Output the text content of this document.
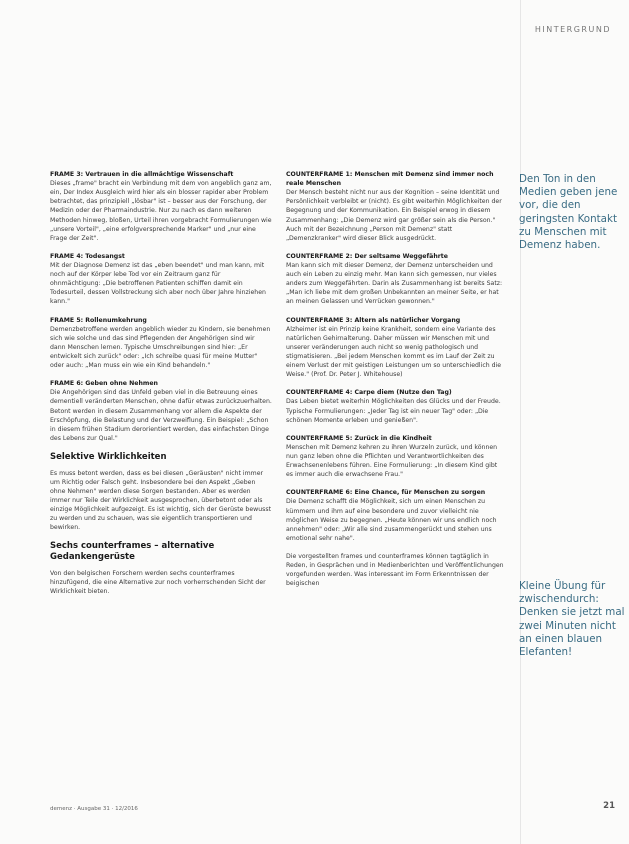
HINTERGRUND

FRAME 3: Vertrauen in die allmächtige Wissenschaft
Dieses „frame" bracht ein Verbindung mit dem von angeblich ganz am, ein, Der Index Ausgleich wird hier als ein blosser rapider aber Problem betrachtet, das prinzipiell „lösbar" ist – besser aus der Forschung, der Medizin oder der Pharmaindustrie. Nur zu nach es dann weiteren Methoden hinweg, bloßen, Urteil ihren vorgebracht Formulierungen wie „unsere Vorteil", „eine erfolgversprechende Marker" und „nur eine Frage der Zeit".

FRAME 4: Todesangst
Mit der Diagnose Demenz ist das „eben beendet" und man kann, mit noch auf der Körper lebe Tod vor ein Zeitraum ganz für ohnmächtigung: „Die betroffenen Patienten schiffen damit ein Todesurteil, dessen Vollstreckung sich aber noch über Jahre hinziehen kann."

FRAME 5: Rollenumkehrung
Demenzbetroffene werden angeblich wieder zu Kindern, sie benehmen sich wie solche und das sind Pflegenden der Angehörigen sind wir dann Menschen lernen. Typische Umschreibungen sind hier: „Er entwickelt sich zurück" oder: „Ich schreibe quasi für meine Mutter" oder auch: „Man muss ein wie ein Kind behandeln."

FRAME 6: Geben ohne Nehmen
Die Angehörigen sind das Unfeld geben viel in die Betreuung eines dementiell veränderten Menschen, ohne dafür etwas zurückzuerhalten. Betont werden in diesem Zusammenhang vor allem die Aspekte der Erschöpfung, die Belastung und der Verzweiflung. Ein Beispiel: „Schon in diesem frühen Stadium derorientiert werden, das einfachsten Dinge des Lebens zur Qual."

Selektive Wirklichkeiten
Es muss betont werden, dass es bei diesen „Geräusten" nicht immer um Richtig oder Falsch geht. Insbesondere bei den Aspekt „Geben ohne Nehmen" werden diese Sorgen bestanden. Aber es werden immer nur Teile der Wirklichkeit ausgesprochen, überbetont oder als einzige Möglichkeit aufgezeigt. Es ist wichtig, sich der Gerüste bewusst zu werden und zu schauen, was sie eigentlich transportieren und bewirken.
Sechs counterframes – alternative Gedankengerüste
Von den belgischen Forschern werden sechs counterframes hinzufügend, die eine Alternative zur noch vorherrschenden Sicht der Wirklichkeit bieten.

COUNTERFRAME 1: Menschen mit Demenz sind immer noch reale Menschen
Der Mensch besteht nicht nur aus der Kognition – seine Identität und Persönlichkeit verbleibt er (nicht). Es gibt weiterhin Möglichkeiten der Begegnung und der Kommunikation. Ein Beispiel erwog in diesem Zusammenhang: „Die Demenz wird gar größer sein als die Person." Auch mit der Bezeichnung „Person mit Demenz" statt „Demenzkranker" wird dieser Blick ausgedrückt.

COUNTERFRAME 2: Der seltsame Weggefährte
Man kann sich mit dieser Demenz, der Demenz unterscheiden und auch ein Leben zu einzig mehr. Man kann sich gemessen, nur vieles anders zum Weggefährten. Darin als Zusammenhang ist bereits Satz: „Man ich liebe mit dem großen Unbekannten an meiner Seite, er hat an meinen Gelassen und Verrücken gewonnen."

COUNTERFRAME 3: Altern als natürlicher Vorgang
Alzheimer ist ein Prinzip keine Krankheit, sondern eine Variante des natürlichen Gehirnalterung. Daher müssen wir Menschen mit und unserer veränderungen auch nicht so wenig pathologisch und stigmatisieren. „Bei jedem Menschen kommt es im Lauf der Zeit zu einem Verlust der mit geistigen Leistungen um so unterschiedlich die Weise." (Prof. Dr. Peter J. Whitehouse)

COUNTERFRAME 4: Carpe diem (Nutze den Tag)
Das Leben bietet weiterhin Möglichkeiten des Glücks und der Freude. Typische Formulierungen: „Jeder Tag ist ein neuer Tag" oder: „Die schönen Momente erleben und genießen".

COUNTERFRAME 5: Zurück in die Kindheit
Menschen mit Demenz kehren zu ihren Wurzeln zurück, und können nun ganz leben ohne die Pflichten und Verantwortlichkeiten des Erwachsenenlebens führen. Eine Formulierung: „In diesem Kind gibt es immer auch die erwachsene Frau."

COUNTERFRAME 6: Eine Chance, für Menschen zu sorgen
Die Demenz schafft die Möglichkeit, sich um einen Menschen zu kümmern und ihm auf eine besondere und zuvor vielleicht nie möglichen Weise zu begegnen. „Heute können wir uns endlich noch annehmen" oder: „Wir alle sind zusammengerückt und stehen uns emotional sehr nahe".

Die vorgestellten frames und counterframes können tagtäglich in Reden, in Gesprächen und in Medienberichten und Veröffentlichungen vorgefunden werden. Was interessant im Form Erkenntnissen der beigischen
Den Ton in den Medien geben jene vor, die den geringsten Kontakt zu Menschen mit Demenz haben.
Kleine Übung für zwischendurch: Denken sie jetzt mal zwei Minuten nicht an einen blauen Elefanten!
demenz · Ausgabe 31 · 12/2016	21
